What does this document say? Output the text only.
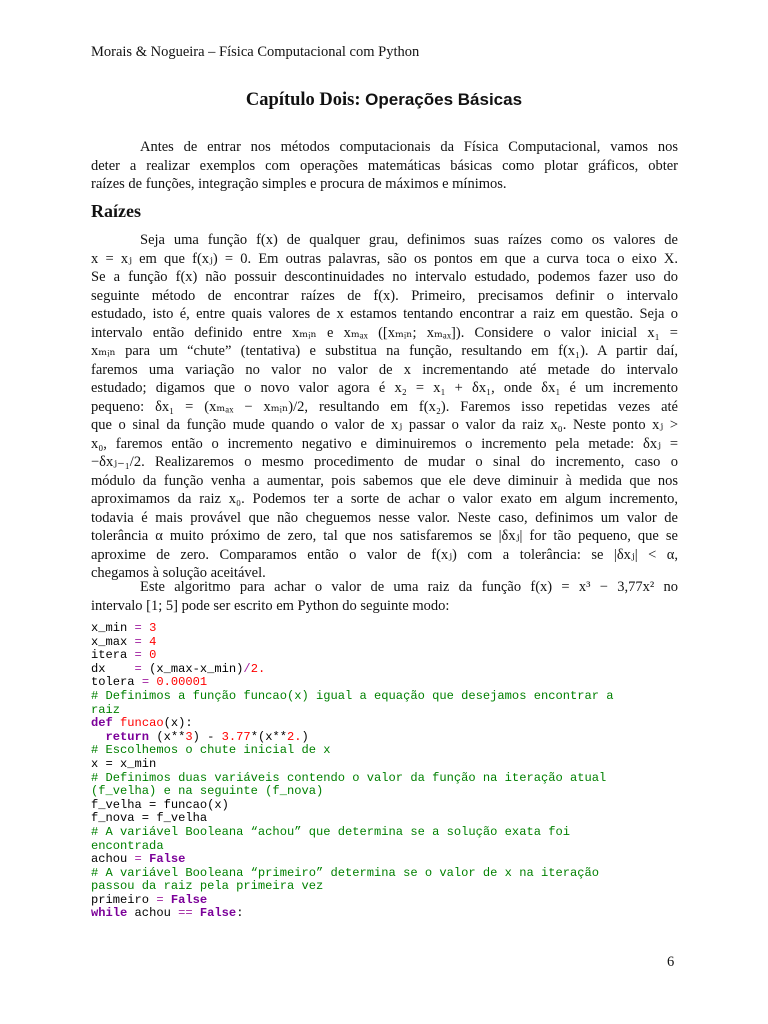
Morais & Nogueira – Física Computacional com Python
Capítulo Dois: Operações Básicas
Antes de entrar nos métodos computacionais da Física Computacional, vamos nos
deter a realizar exemplos com operações matemáticas básicas como plotar gráficos, obter
raízes de funções, integração simples e procura de máximos e mínimos.
Raízes
Seja uma função f(x) de qualquer grau, definimos suas raízes como os valores de
x = xⱼ em que f(xⱼ) = 0. Em outras palavras, são os pontos em que a curva toca o eixo X.
Se a função f(x) não possuir descontinuidades no intervalo estudado, podemos fazer uso do
seguinte método de encontrar raízes de f(x). Primeiro, precisamos definir o intervalo
estudado, isto é, entre quais valores de x estamos tentando encontrar a raiz em questão. Seja o
intervalo então definido entre xₘᵢₙ e xₘₐₓ ([xₘᵢₙ; xₘₐₓ]). Considere o valor inicial x₁ =
xₘᵢₙ para um “chute” (tentativa) e substitua na função, resultando em f(x₁). A partir daí,
faremos uma variação no valor no valor de x incrementando até metade do intervalo
estudado; digamos que o novo valor agora é x₂ = x₁ + δx₁, onde δx₁ é um incremento
pequeno: δx₁ = (xₘₐₓ − xₘᵢₙ)/2, resultando em f(x₂). Faremos isso repetidas vezes até
que o sinal da função mude quando o valor de xⱼ passar o valor da raiz x₀. Neste ponto xⱼ >
x₀, faremos então o incremento negativo e diminuiremos o incremento pela metade: δxⱼ =
−δxⱼ₋₁/2. Realizaremos o mesmo procedimento de mudar o sinal do incremento, caso o
módulo da função venha a aumentar, pois sabemos que ele deve diminuir à medida que nos
aproximamos da raiz x₀. Podemos ter a sorte de achar o valor exato em algum incremento,
todavia é mais provável que não cheguemos nesse valor. Neste caso, definimos um valor de
tolerância α muito próximo de zero, tal que nos satisfaremos se |δxⱼ| for tão pequeno, que se
aproxime de zero. Comparamos então o valor de f(xⱼ) com a tolerância: se |δxⱼ| < α,
chegamos à solução aceitável.
Este algoritmo para achar o valor de uma raiz da função f(x) = x³ − 3,77x² no
intervalo [1; 5] pode ser escrito em Python do seguinte modo:
x_min = 3
x_max = 4
itera = 0
dx    = (x_max-x_min)/2.
tolera = 0.00001
# Definimos a função funcao(x) igual a equação que desejamos encontrar a
raiz
def funcao(x):
return (x**3) - 3.77*(x**2.)
# Escolhemos o chute inicial de x
x = x_min
# Definimos duas variáveis contendo o valor da função na iteração atual
(f_velha) e na seguinte (f_nova)
f_velha = funcao(x)
f_nova = f_velha
# A variável Booleana “achou” que determina se a solução exata foi
encontrada
achou = False
# A variável Booleana “primeiro” determina se o valor de x na iteração
passou da raiz pela primeira vez
primeiro = False
while achou == False:
6
